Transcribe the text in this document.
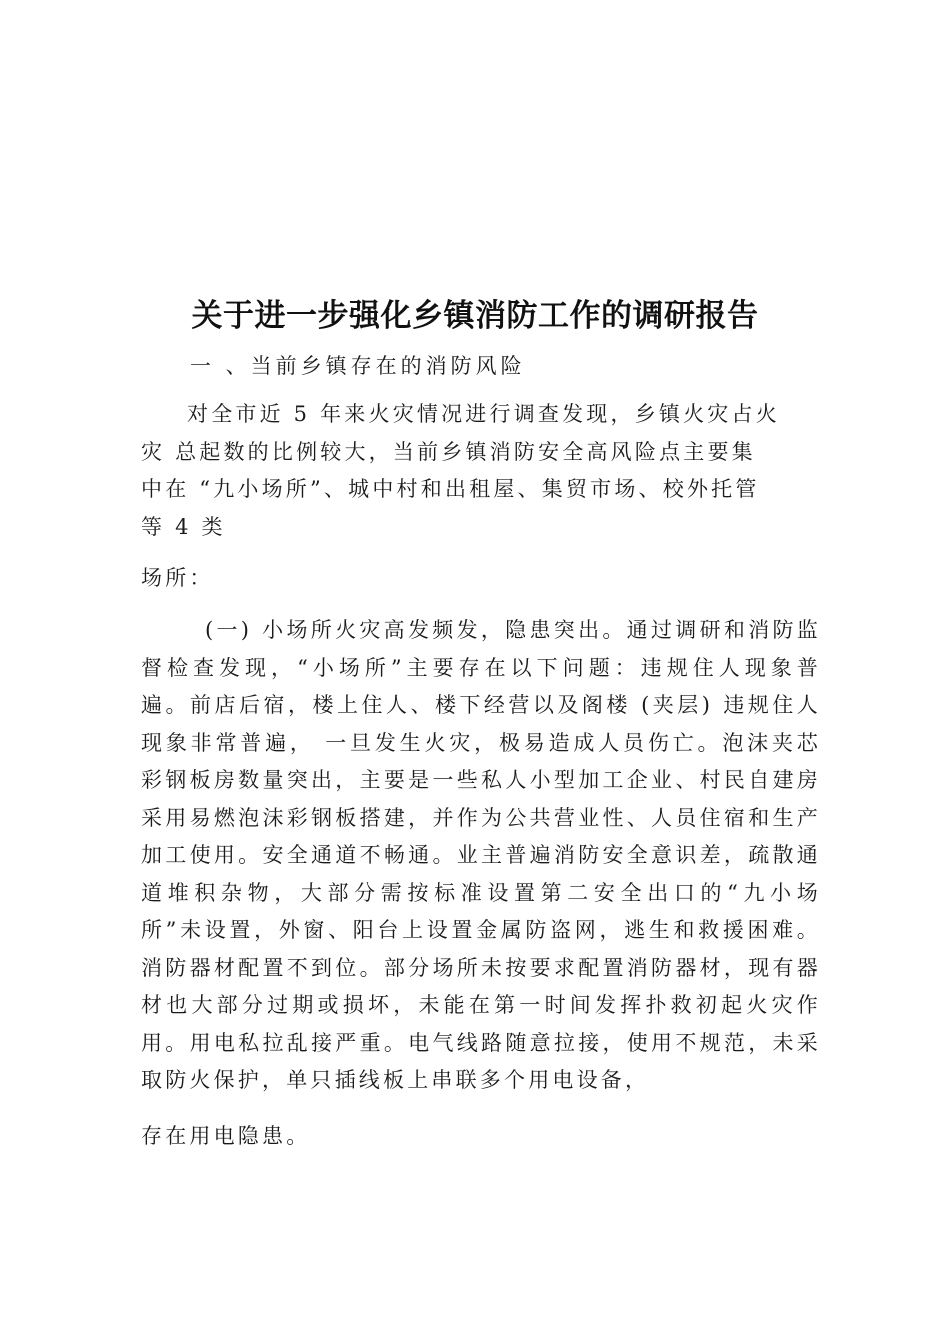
关于进一步强化乡镇消防工作的调研报告
一 、当前乡镇存在的消防风险
对全市近 5 年来火灾情况进行调查发现，乡镇火灾占火
灾 总起数的比例较大，当前乡镇消防安全高风险点主要集
中在 “九小场所”、城中村和出租屋、集贸市场、校外托管
等 4 类
场所：
(一) 小场所火灾高发频发，隐患突出。通过调研和消防监督检查发现，“小场所”主要存在以下问题：违规住人现象普遍。前店后宿，楼上住人、楼下经营以及阁楼 (夹层) 违规住人现象非常普遍， 一旦发生火灾，极易造成人员伤亡。泡沫夹芯彩钢板房数量突出，主要是一些私人小型加工企业、村民自建房采用易燃泡沫彩钢板搭建，并作为公共营业性、人员住宿和生产加工使用。安全通道不畅通。业主普遍消防安全意识差，疏散通道堆积杂物，大部分需按标准设置第二安全出口的“九小场所”未设置，外窗、阳台上设置金属防盗网，逃生和救援困难。消防器材配置不到位。部分场所未按要求配置消防器材，现有器材也大部分过期或损坏，未能在第一时间发挥扑救初起火灾作用。用电私拉乱接严重。电气线路随意拉接，使用不规范，未采取防火保护，单只插线板上串联多个用电设备，
存在用电隐患。
